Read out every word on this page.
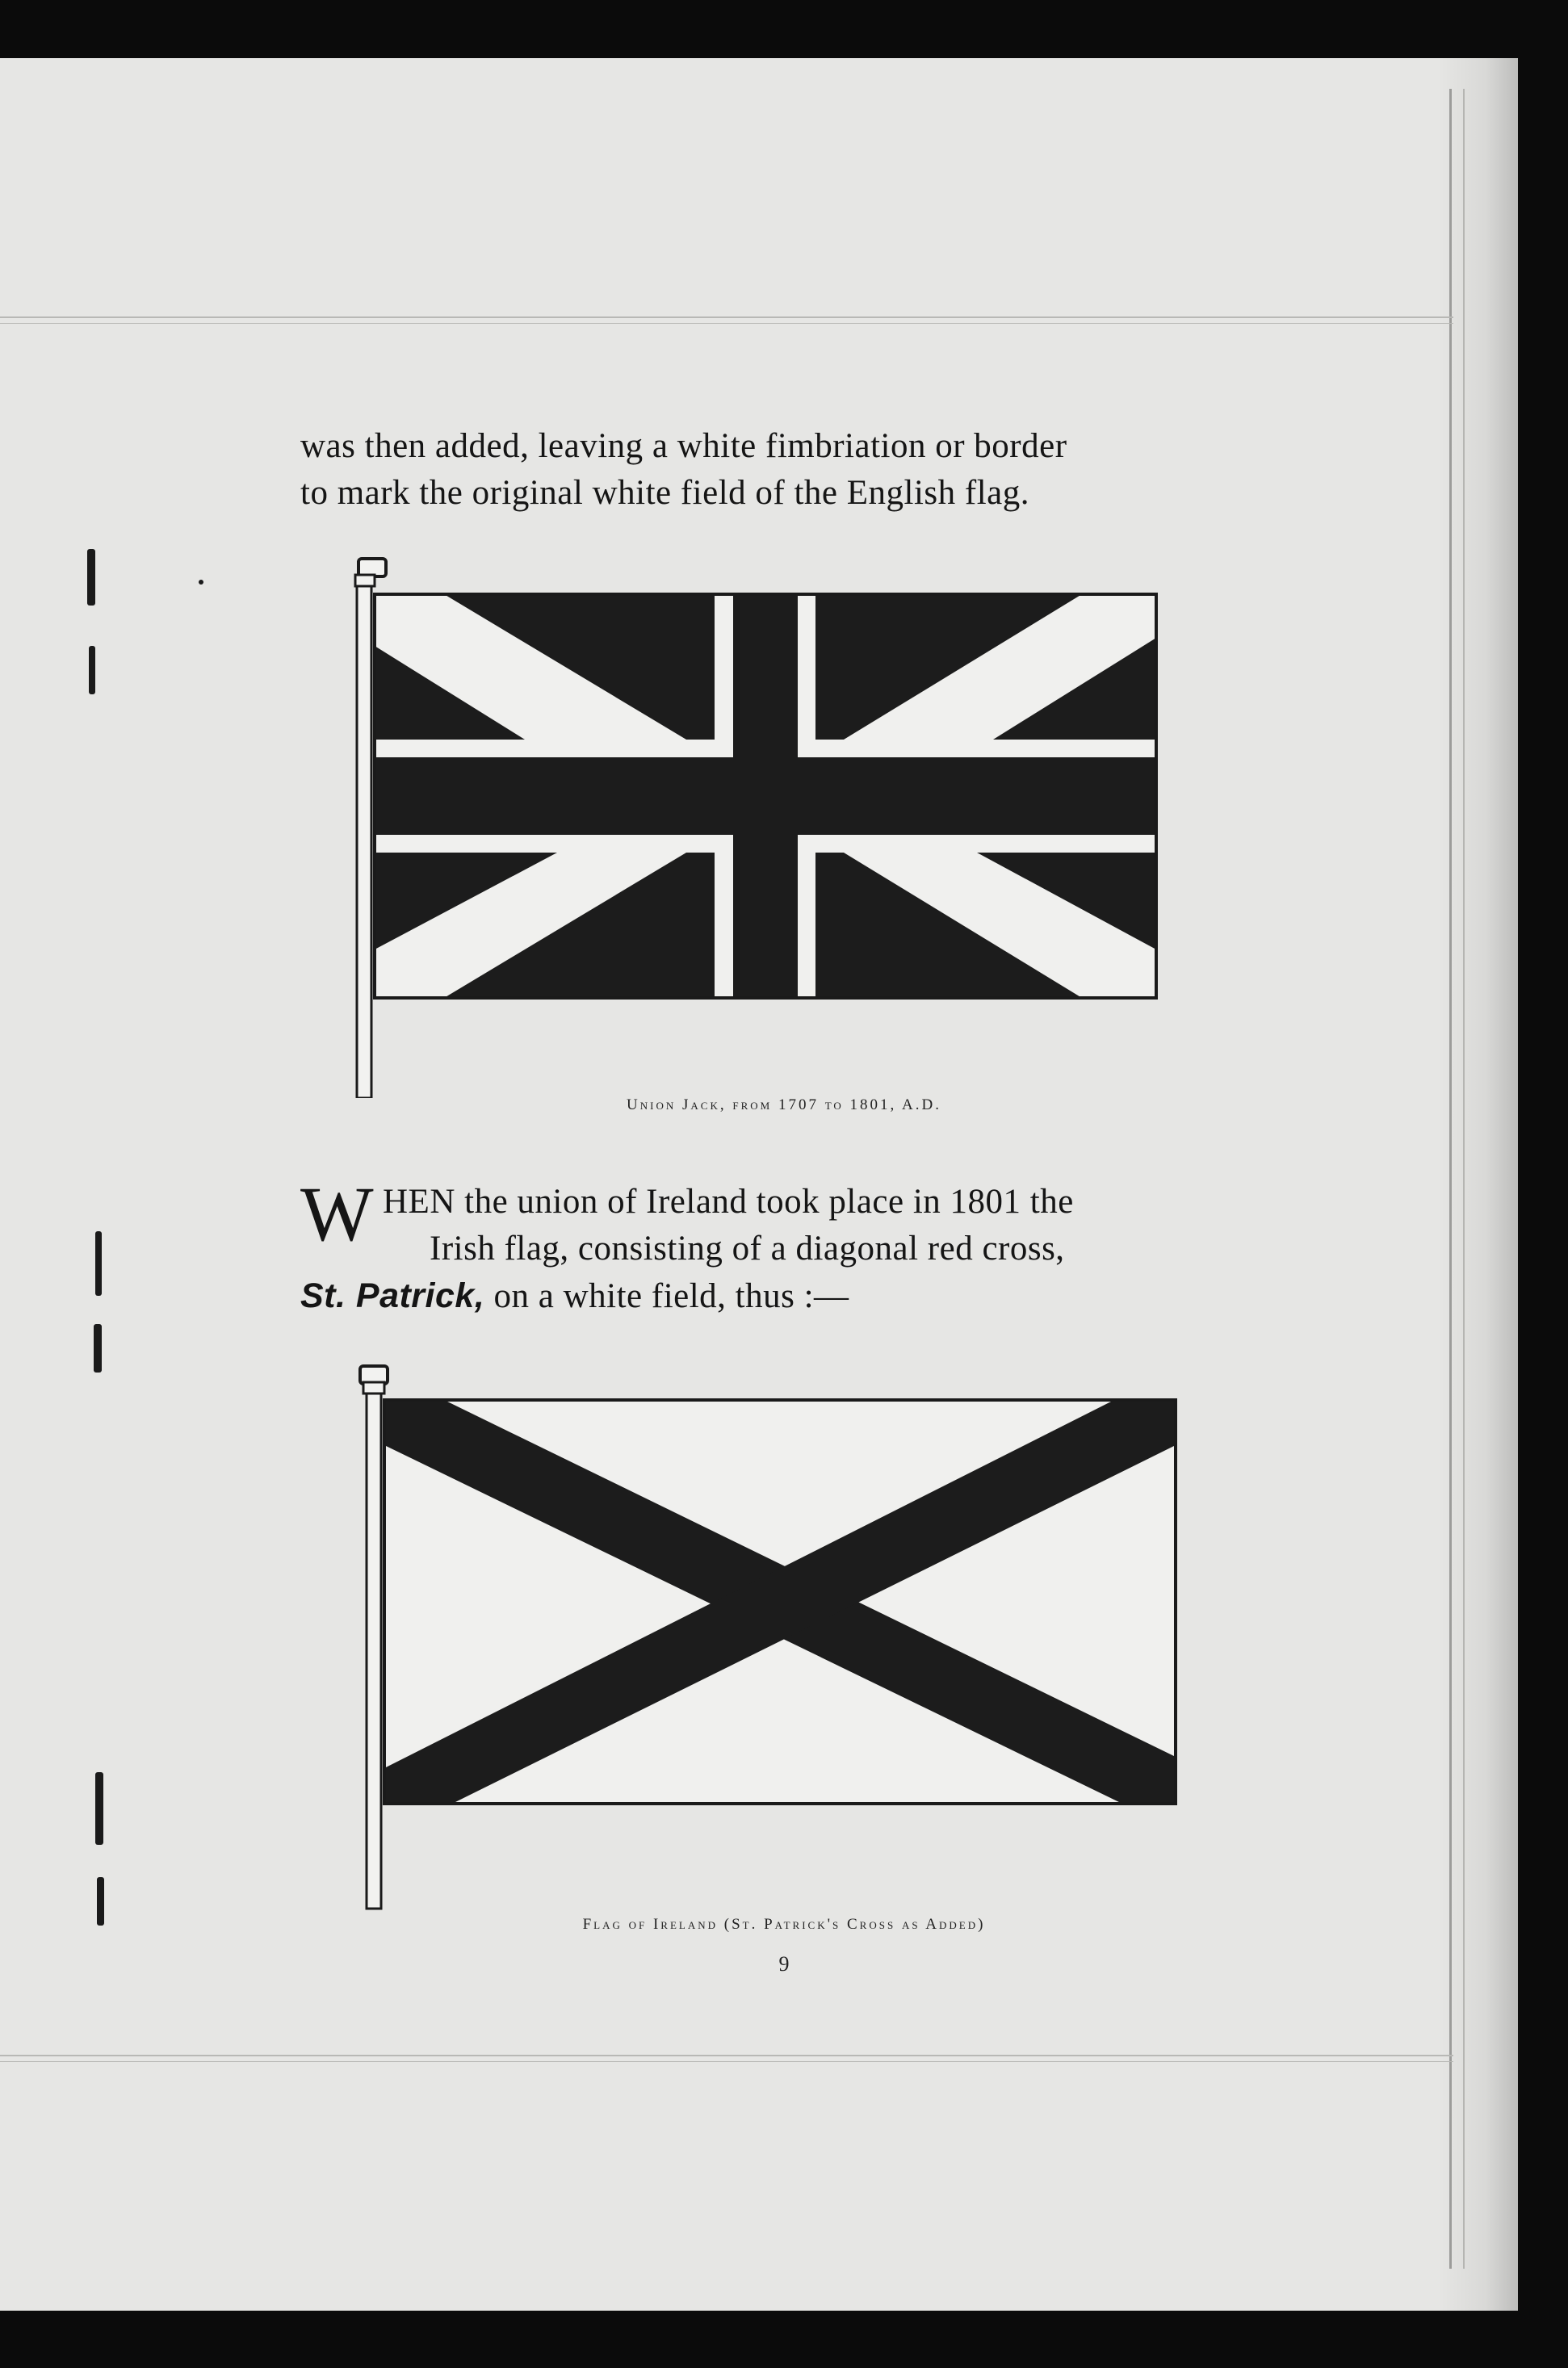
was then added, leaving a white fimbriation or border

to mark the original white field of the English flag.

Union Jack, from 1707 to 1801, A.D.
W HEN the union of Ireland took place in 1801 the

Irish flag, consisting of a diagonal red cross,

St. Patrick, on a white field, thus :—

Flag of Ireland (St. Patrick's Cross as Added)
9
